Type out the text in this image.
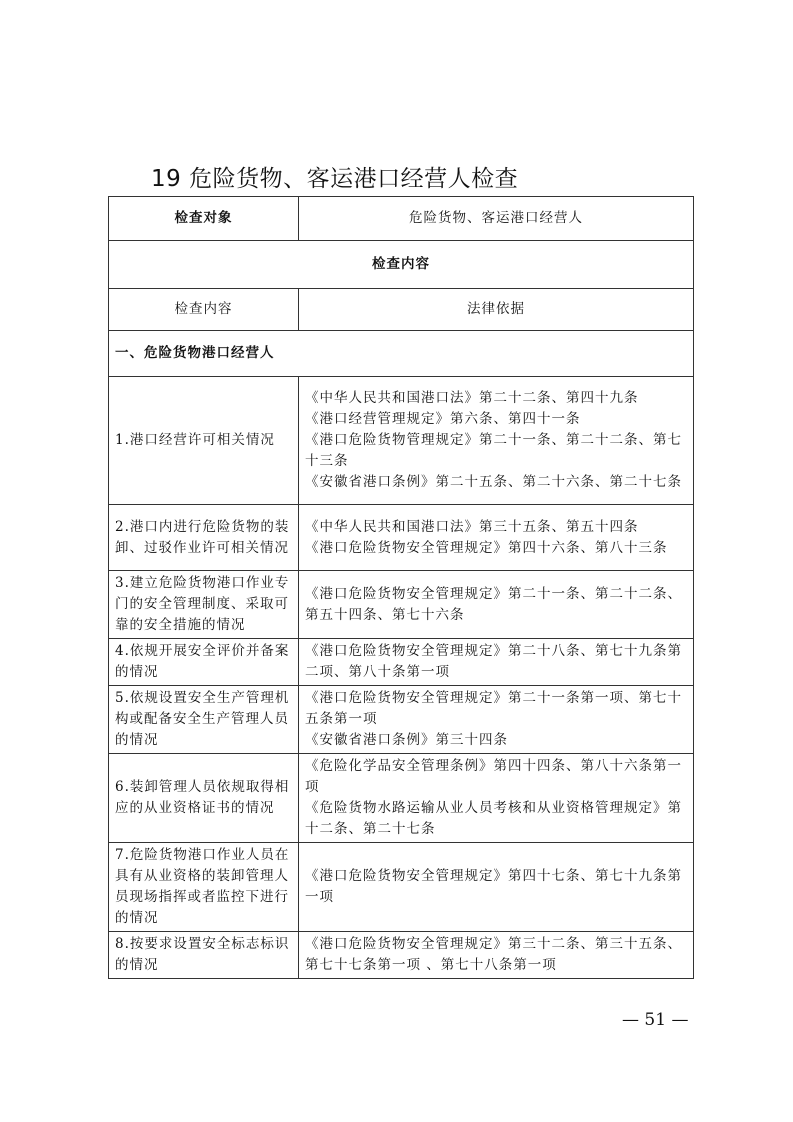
19 危险货物、客运港口经营人检查
检查对象	危险货物、客运港口经营人
检查内容	
检查内容	法律依据
一、危险货物港口经营人	
1.港口经营许可相关情况	《中华人民共和国港口法》第二十二条、第四十九条
《港口经营管理规定》第六条、第四十一条
《港口危险货物管理规定》第二十一条、第二十二条、第七十三条
《安徽省港口条例》第二十五条、第二十六条、第二十七条

2.港口内进行危险货物的装卸、过驳作业许可相关情况	《中华人民共和国港口法》第三十五条、第五十四条
《港口危险货物安全管理规定》第四十六条、第八十三条

3.建立危险货物港口作业专门的安全管理制度、采取可靠的安全措施的情况	《港口危险货物安全管理规定》第二十一条、第二十二条、第五十四条、第七十六条

4.依规开展安全评价并备案的情况	《港口危险货物安全管理规定》第二十八条、第七十九条第二项、第八十条第一项

5.依规设置安全生产管理机构或配备安全生产管理人员的情况	《港口危险货物安全管理规定》第二十一条第一项、第七十五条第一项
《安徽省港口条例》第三十四条

6.装卸管理人员依规取得相应的从业资格证书的情况	《危险化学品安全管理条例》第四十四条、第八十六条第一项
《危险货物水路运输从业人员考核和从业资格管理规定》第十二条、第二十七条

7.危险货物港口作业人员在具有从业资格的装卸管理人员现场指挥或者监控下进行的情况	《港口危险货物安全管理规定》第四十七条、第七十九条第一项

8.按要求设置安全标志标识的情况	《港口危险货物安全管理规定》第三十二条、第三十五条、第七十七条第一项 、第七十八条第一项
— 51 —
